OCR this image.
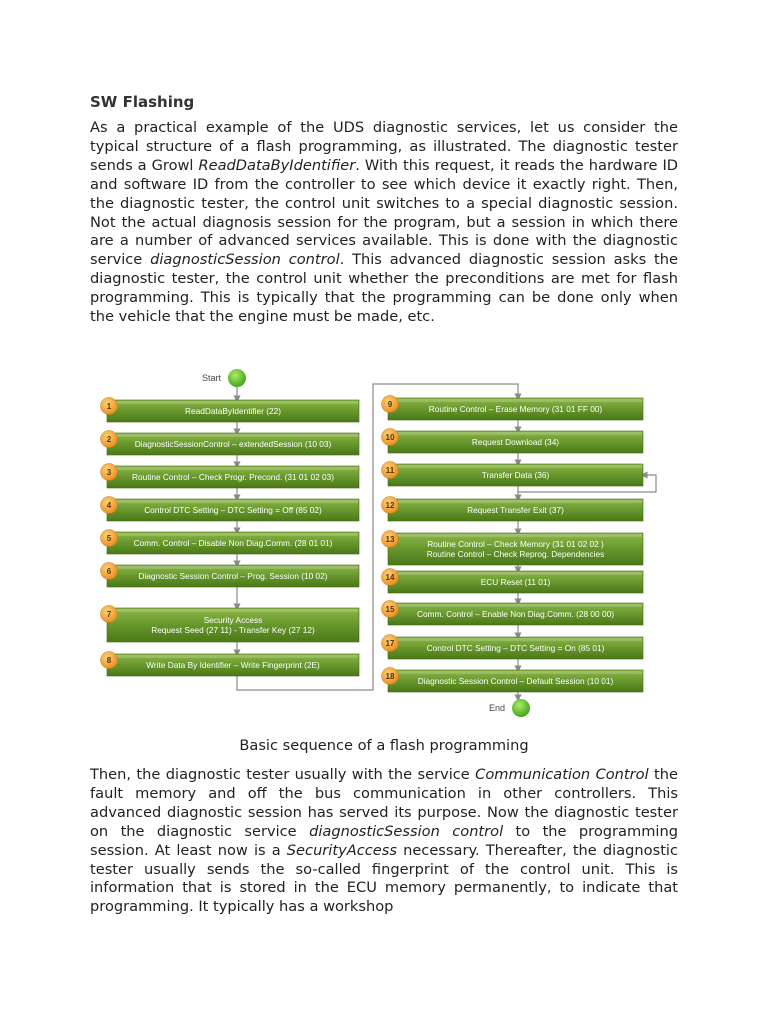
SW Flashing
As a practical example of the UDS diagnostic services, let us consider the typical structure of a flash programming, as illustrated. The diagnostic tester sends a Growl ReadDataByIdentifier. With this request, it reads the hardware ID and software ID from the controller to see which device it exactly right. Then, the diagnostic tester, the control unit switches to a special diagnostic session. Not the actual diagnosis session for the program, but a session in which there are a number of advanced services available. This is done with the diagnostic service diagnosticSession control. This advanced diagnostic session asks the diagnostic tester, the control unit whether the preconditions are met for flash programming. This is typically that the programming can be done only when the vehicle that the engine must be made, etc.
ReadDataByIdentifier (22)
1
DiagnosticSessionControl – extendedSession (10 03)
2
Routine Control – Check Progr. Precond. (31 01 02 03)
3
Control DTC Setting – DTC Setting = Off (85 02)
4
Comm. Control – Disable Non Diag.Comm. (28 01 01)
5
Diagnostic Session Control – Prog. Session (10 02)
6
Security Access
Request Seed (27 11) - Transfer Key (27 12)
7
Write Data By Identifier – Write Fingerprint (2E)
8
Routine Control – Erase Memory (31 01 FF 00)
9
Request Download (34)
10
Transfer Data (36)
11
Request Transfer Exit (37)
12
Routine Control – Check Memory (31 01 02 02 )
Routine Control – Check Reprog. Dependencies
13
ECU Reset (11 01)
14
Comm. Control – Enable Non Diag.Comm. (28 00 00)
15
Control DTC Setting – DTC Setting = On (85 01)
17
Diagnostic Session Control – Default Session (10 01)
18
Start
End
Basic sequence of a flash programming
Then, the diagnostic tester usually with the service Communication Control the fault memory and off the bus communication in other controllers. This advanced diagnostic session has served its purpose. Now the diagnostic tester on the diagnostic service diagnosticSession control to the programming session. At least now is a SecurityAccess necessary. Thereafter, the diagnostic tester usually sends the so-called fingerprint of the control unit. This is information that is stored in the ECU memory permanently, to indicate that programming. It typically has a workshop
